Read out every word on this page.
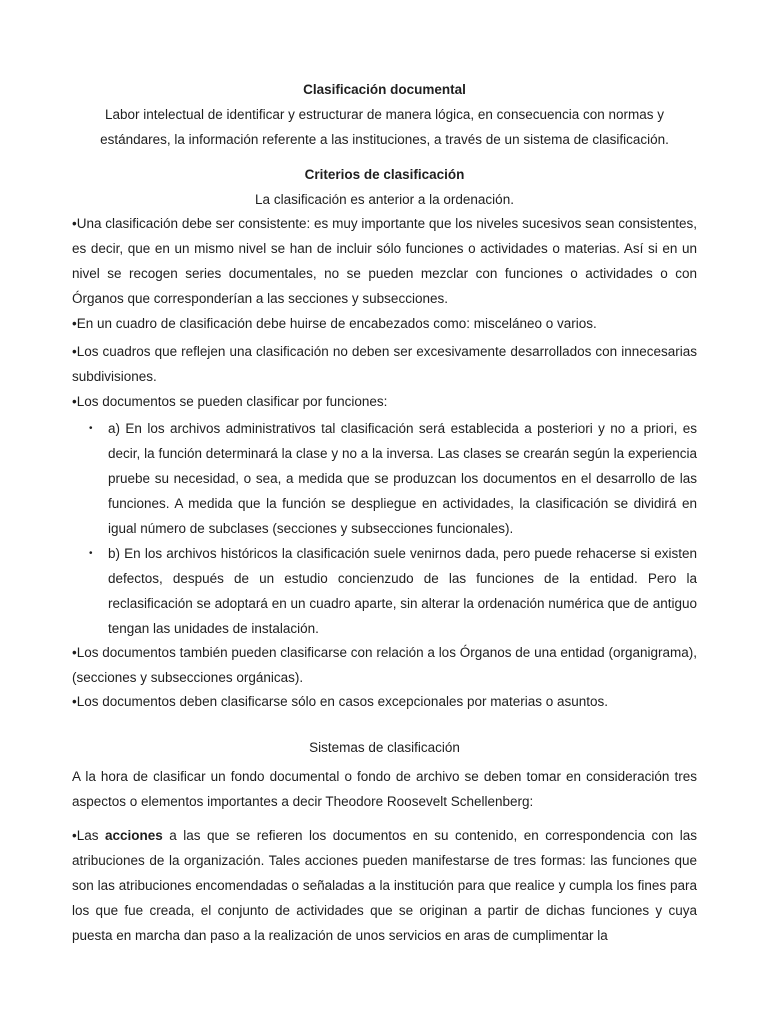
Clasificación documental

Labor intelectual de identificar y estructurar de manera lógica, en consecuencia con normas y estándares, la información referente a las instituciones, a través de un sistema de clasificación.

Criterios de clasificación

La clasificación es anterior a la ordenación.

•Una clasificación debe ser consistente: es muy importante que los niveles sucesivos sean consistentes, es decir, que en un mismo nivel se han de incluir sólo funciones o actividades o materias. Así si en un nivel se recogen series documentales, no se pueden mezclar con funciones o actividades o con Órganos que corresponderían a las secciones y subsecciones.

•En un cuadro de clasificación debe huirse de encabezados como: misceláneo o varios.

•Los cuadros que reflejen una clasificación no deben ser excesivamente desarrollados con innecesarias subdivisiones.

•Los documentos se pueden clasificar por funciones:

• a) En los archivos administrativos tal clasificación será establecida a posteriori y no a priori, es decir, la función determinará la clase y no a la inversa. Las clases se crearán según la experiencia pruebe su necesidad, o sea, a medida que se produzcan los documentos en el desarrollo de las funciones. A medida que la función se despliegue en actividades, la clasificación se dividirá en igual número de subclases (secciones y subsecciones funcionales).

• b) En los archivos históricos la clasificación suele venirnos dada, pero puede rehacerse si existen defectos, después de un estudio concienzudo de las funciones de la entidad. Pero la reclasificación se adoptará en un cuadro aparte, sin alterar la ordenación numérica que de antiguo tengan las unidades de instalación.

•Los documentos también pueden clasificarse con relación a los Órganos de una entidad (organigrama), (secciones y subsecciones orgánicas).

•Los documentos deben clasificarse sólo en casos excepcionales por materias o asuntos.

Sistemas de clasificación

A la hora de clasificar un fondo documental o fondo de archivo se deben tomar en consideración tres aspectos o elementos importantes a decir Theodore Roosevelt Schellenberg:

•Las acciones a las que se refieren los documentos en su contenido, en correspondencia con las atribuciones de la organización. Tales acciones pueden manifestarse de tres formas: las funciones que son las atribuciones encomendadas o señaladas a la institución para que realice y cumpla los fines para los que fue creada, el conjunto de actividades que se originan a partir de dichas funciones y cuya puesta en marcha dan paso a la realización de unos servicios en aras de cumplimentar la
